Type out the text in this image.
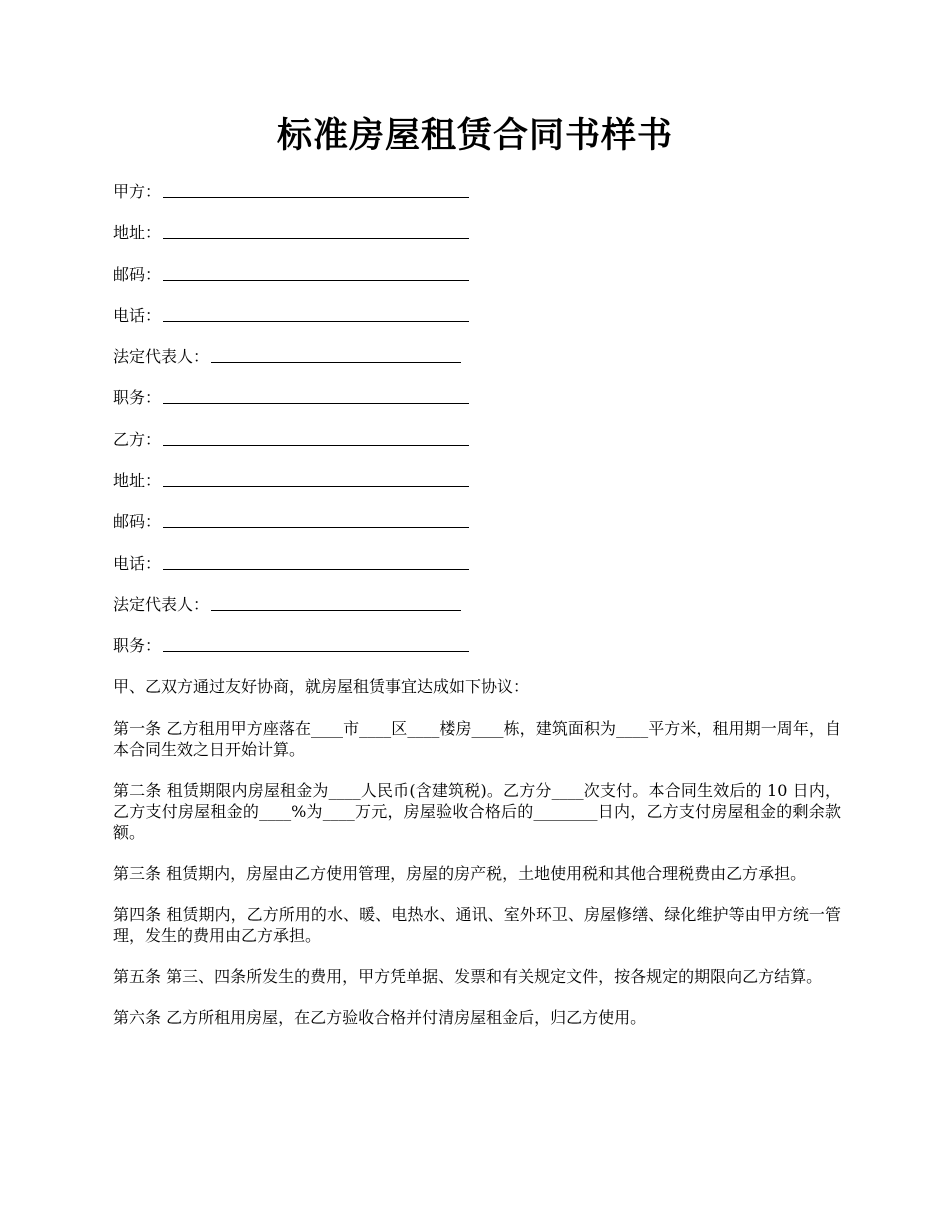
标准房屋租赁合同书样书
甲方：
地址：
邮码：
电话：
法定代表人：
职务：
乙方：
地址：
邮码：
电话：
法定代表人：
职务：

甲、乙双方通过友好协商，就房屋租赁事宜达成如下协议：

第一条 乙方租用甲方座落在____市____区____楼房____栋，建筑面积为____平方米，租用期一周年，自本合同生效之日开始计算。

第二条 租赁期限内房屋租金为____人民币(含建筑税)。乙方分____次支付。本合同生效后的 10 日内，乙方支付房屋租金的____%为____万元，房屋验收合格后的________日内，乙方支付房屋租金的剩余款额。

第三条 租赁期内，房屋由乙方使用管理，房屋的房产税，土地使用税和其他合理税费由乙方承担。

第四条 租赁期内，乙方所用的水、暖、电热水、通讯、室外环卫、房屋修缮、绿化维护等由甲方统一管理，发生的费用由乙方承担。

第五条 第三、四条所发生的费用，甲方凭单据、发票和有关规定文件，按各规定的期限向乙方结算。

第六条 乙方所租用房屋，在乙方验收合格并付清房屋租金后，归乙方使用。
